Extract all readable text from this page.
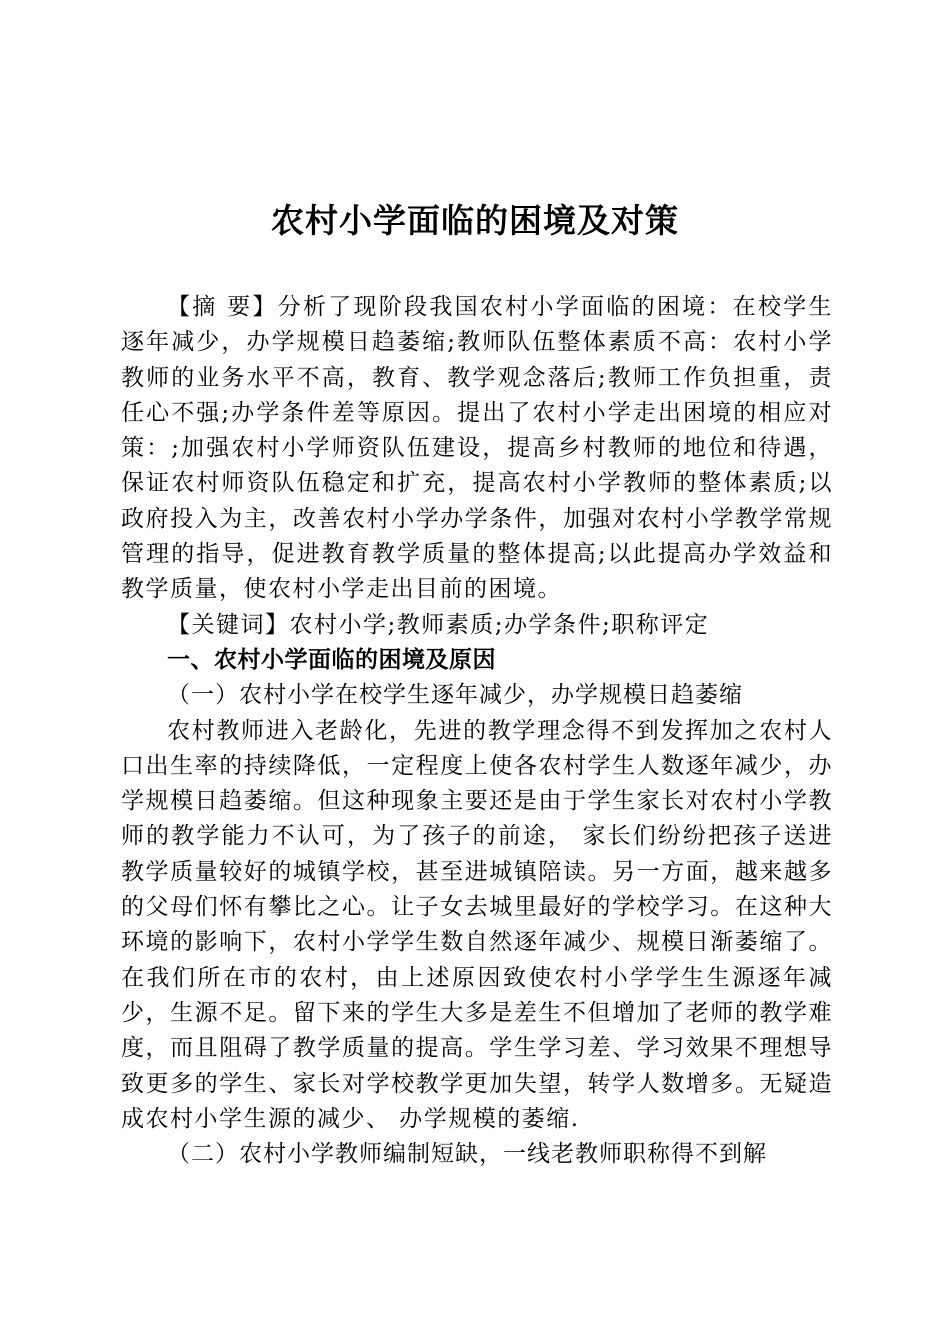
农村小学面临的困境及对策

【摘 要】分析了现阶段我国农村小学面临的困境：在校学生逐年减少，办学规模日趋萎缩;教师队伍整体素质不高：农村小学教师的业务水平不高，教育、教学观念落后;教师工作负担重，责任心不强;办学条件差等原因。提出了农村小学走出困境的相应对策：;加强农村小学师资队伍建设，提高乡村教师的地位和待遇，保证农村师资队伍稳定和扩充，提高农村小学教师的整体素质;以政府投入为主，改善农村小学办学条件，加强对农村小学教学常规管理的指导，促进教育教学质量的整体提高;以此提高办学效益和教学质量，使农村小学走出目前的困境。

【关键词】农村小学;教师素质;办学条件;职称评定

一、农村小学面临的困境及原因

（一）农村小学在校学生逐年减少，办学规模日趋萎缩

农村教师进入老龄化，先进的教学理念得不到发挥加之农村人口出生率的持续降低，一定程度上使各农村学生人数逐年减少，办学规模日趋萎缩。但这种现象主要还是由于学生家长对农村小学教师的教学能力不认可，为了孩子的前途， 家长们纷纷把孩子送进教学质量较好的城镇学校，甚至进城镇陪读。另一方面，越来越多的父母们怀有攀比之心。让子女去城里最好的学校学习。在这种大环境的影响下，农村小学学生数自然逐年减少、规模日渐萎缩了。 在我们所在市的农村，由上述原因致使农村小学学生生源逐年减少，生源不足。留下来的学生大多是差生不但增加了老师的教学难度，而且阻碍了教学质量的提高。学生学习差、学习效果不理想导致更多的学生、家长对学校教学更加失望，转学人数增多。无疑造成农村小学生源的减少、 办学规模的萎缩.

（二）农村小学教师编制短缺，一线老教师职称得不到解
